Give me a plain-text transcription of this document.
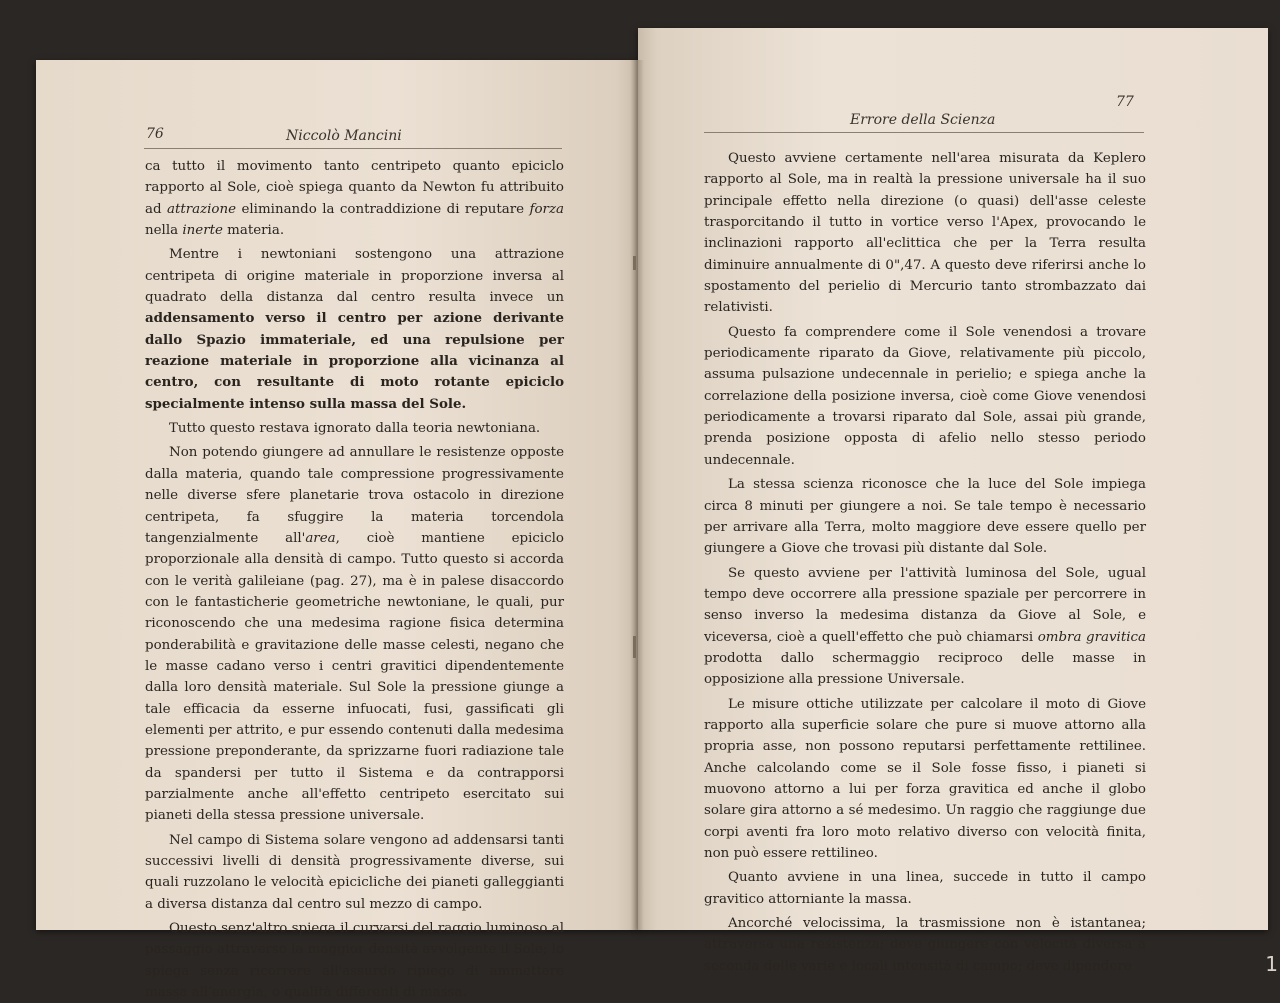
76	Niccolò Mancini

ca tutto il movimento tanto centripeto quanto epiciclo rapporto al Sole, cioè spiega quanto da Newton fu attribuito ad attrazione eliminando la contraddizione di reputare forza nella inerte materia.

Mentre i newtoniani sostengono una attrazione centripeta di origine materiale in proporzione inversa al quadrato della distanza dal centro resulta invece un addensamento verso il centro per azione derivante dallo Spazio immateriale, ed una repulsione per reazione materiale in proporzione alla vicinanza al centro, con resultante di moto rotante epiciclo specialmente intenso sulla massa del Sole.

Tutto questo restava ignorato dalla teoria newtoniana.

Non potendo giungere ad annullare le resistenze opposte dalla materia, quando tale compressione progressivamente nelle diverse sfere planetarie trova ostacolo in direzione centripeta, fa sfuggire la materia torcendola tangenzialmente all'area, cioè mantiene epiciclo proporzionale alla densità di campo. Tutto questo si accorda con le verità galileiane (pag. 27), ma è in palese disaccordo con le fantasticherie geometriche newtoniane, le quali, pur riconoscendo che una medesima ragione fisica determina ponderabilità e gravitazione delle masse celesti, negano che le masse cadano verso i centri gravitici dipendentemente dalla loro densità materiale. Sul Sole la pressione giunge a tale efficacia da esserne infuocati, fusi, gassificati gli elementi per attrito, e pur essendo contenuti dalla medesima pressione preponderante, da sprizzarne fuori radiazione tale da spandersi per tutto il Sistema e da contrapporsi parzialmente anche all'effetto centripeto esercitato sui pianeti della stessa pressione universale.

Nel campo di Sistema solare vengono ad addensarsi tanti successivi livelli di densità progressivamente diverse, sui quali ruzzolano le velocità epicicliche dei pianeti galleggianti a diversa distanza dal centro sul mezzo di campo.

Questo senz'altro spiega il curvarsi del raggio luminoso al passaggio attraverso la maggior densità avvolgente il Sole; lo spiega senza ricorrere all'assurdo ripiego di ammettere massa all'energia, o qualità differenti di massa.

Errore della Scienza
77

Questo avviene certamente nell'area misurata da Keplero rapporto al Sole, ma in realtà la pressione universale ha il suo principale effetto nella direzione (o quasi) dell'asse celeste trasporcitando il tutto in vortice verso l'Apex, provocando le inclinazioni rapporto all'eclittica che per la Terra resulta diminuire annualmente di 0",47. A questo deve riferirsi anche lo spostamento del perielio di Mercurio tanto strombazzato dai relativisti.

Questo fa comprendere come il Sole venendosi a trovare periodicamente riparato da Giove, relativamente più piccolo, assuma pulsazione undecennale in perielio; e spiega anche la correlazione della posizione inversa, cioè come Giove venendosi periodicamente a trovarsi riparato dal Sole, assai più grande, prenda posizione opposta di afelio nello stesso periodo undecennale.

La stessa scienza riconosce che la luce del Sole impiega circa 8 minuti per giungere a noi. Se tale tempo è necessario per arrivare alla Terra, molto maggiore deve essere quello per giungere a Giove che trovasi più distante dal Sole.

Se questo avviene per l'attività luminosa del Sole, ugual tempo deve occorrere alla pressione spaziale per percorrere in senso inverso la medesima distanza da Giove al Sole, e viceversa, cioè a quell'effetto che può chiamarsi ombra gravitica prodotta dallo schermaggio reciproco delle masse in opposizione alla pressione Universale.

Le misure ottiche utilizzate per calcolare il moto di Giove rapporto alla superficie solare che pure si muove attorno alla propria asse, non possono reputarsi perfettamente rettilinee. Anche calcolando come se il Sole fosse fisso, i pianeti si muovono attorno a lui per forza gravitica ed anche il globo solare gira attorno a sé medesimo. Un raggio che raggiunge due corpi aventi fra loro moto relativo diverso con velocità finita, non può essere rettilineo.

Quanto avviene in una linea, succede in tutto il campo gravitico attorniante la massa.

Ancorché velocissima, la trasmissione non è istantanea; attraversa una resistenza; deve giungere con velocità diversa a seconda delle varie e locali intensità di campo; deve dipendere	1
